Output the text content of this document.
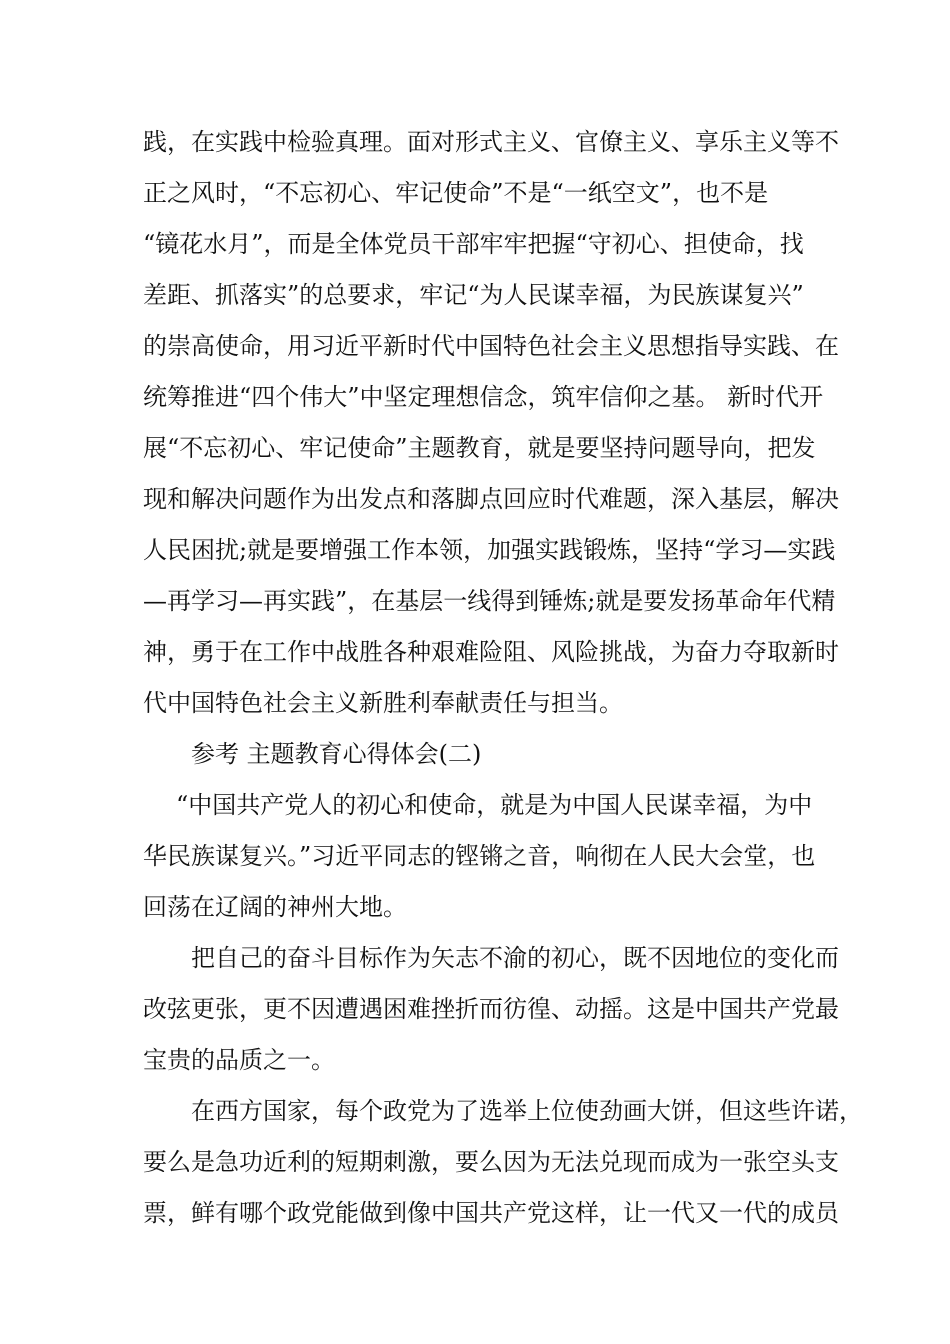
践，在实践中检验真理。面对形式主义、官僚主义、享乐主义等不
正之风时，“不忘初心、牢记使命”不是“一纸空文”，也不是
“镜花水月”，而是全体党员干部牢牢把握“守初心、担使命，找
差距、抓落实”的总要求，牢记“为人民谋幸福，为民族谋复兴”
的崇高使命，用习近平新时代中国特色社会主义思想指导实践、在
统筹推进“四个伟大”中坚定理想信念，筑牢信仰之基。 新时代开
展“不忘初心、牢记使命”主题教育，就是要坚持问题导向，把发
现和解决问题作为出发点和落脚点回应时代难题，深入基层，解决
人民困扰;就是要增强工作本领，加强实践锻炼，坚持“学习—实践
—再学习—再实践”，在基层一线得到锤炼;就是要发扬革命年代精
神，勇于在工作中战胜各种艰难险阻、风险挑战，为奋力夺取新时
代中国特色社会主义新胜利奉献责任与担当。
参考 主题教育心得体会(二)
“中国共产党人的初心和使命，就是为中国人民谋幸福，为中
华民族谋复兴。”习近平同志的铿锵之音，响彻在人民大会堂，也
回荡在辽阔的神州大地。
把自己的奋斗目标作为矢志不渝的初心，既不因地位的变化而
改弦更张，更不因遭遇困难挫折而彷徨、动摇。这是中国共产党最
宝贵的品质之一。
在西方国家，每个政党为了选举上位使劲画大饼，但这些许诺，
要么是急功近利的短期刺激，要么因为无法兑现而成为一张空头支
票，鲜有哪个政党能做到像中国共产党这样，让一代又一代的成员
